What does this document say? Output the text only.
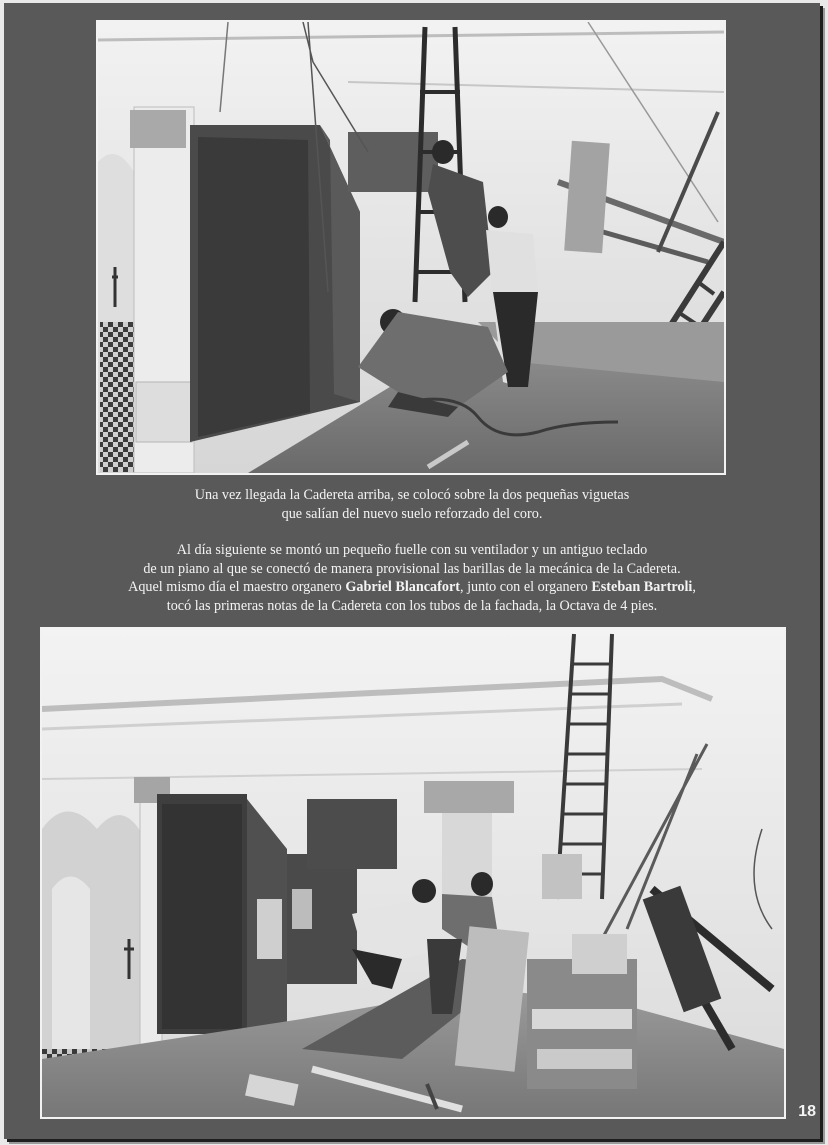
Una vez llegada la Cadereta arriba, se colocó sobre la dos pequeñas viguetas

que salían del nuevo suelo reforzado del coro.

Al día siguiente se montó un pequeño fuelle con su ventilador y un antiguo teclado

de un piano al que se conectó de manera provisional las barillas de la mecánica de la Cadereta.

Aquel mismo día el maestro organero Gabriel Blancafort, junto con el organero Esteban Bartroli,

tocó las primeras notas de la Cadereta con los tubos de la fachada, la Octava de 4 pies.

18
